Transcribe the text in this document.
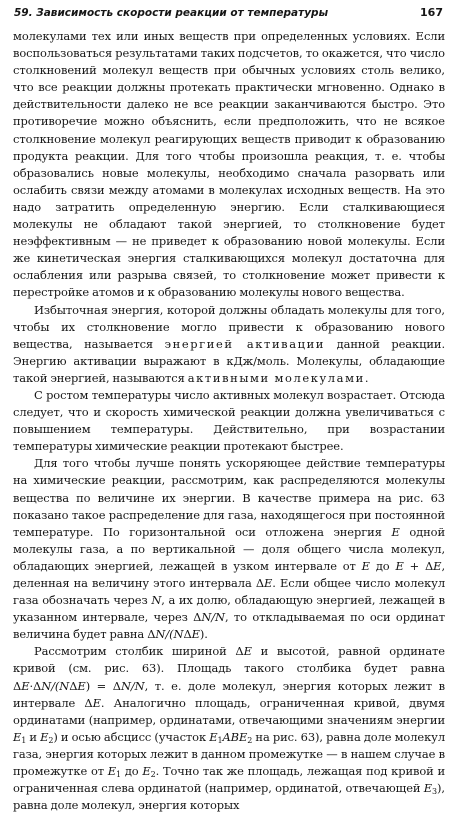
59. Зависимость скорости реакции от температуры	167

молекулами тех или иных веществ при определенных условиях. Если воспользоваться результатами таких подсчетов, то окажется, что число столкновений молекул веществ при обычных условиях столь велико, что все реакции должны протекать практически мгновенно. Однако в действительности далеко не все реакции заканчиваются быстро. Это противоречие можно объяснить, если предположить, что не всякое столкновение молекул реагирующих веществ приводит к образованию продукта реакции. Для того чтобы произошла реакция, т. е. чтобы образовались новые молекулы, необходимо сначала разорвать или ослабить связи между атомами в молекулах исходных веществ. На это надо затратить определенную энергию. Если сталкивающиеся молекулы не обладают такой энергией, то столкновение будет неэффективным — не приведет к образованию новой молекулы. Если же кинетическая энергия сталкивающихся молекул достаточна для ослабления или разрыва связей, то столкновение может привести к перестройке атомов и к образованию молекулы нового вещества.

Избыточная энергия, которой должны обладать молекулы для того, чтобы их столкновение могло привести к образованию нового вещества, называется энергией активации данной реакции. Энергию активации выражают в кДж/моль. Молекулы, обладающие такой энергией, называются активными молекулами.

С ростом температуры число активных молекул возрастает. Отсюда следует, что и скорость химической реакции должна увеличиваться с повышением температуры. Действительно, при возрастании температуры химические реакции протекают быстрее.

Для того чтобы лучше понять ускоряющее действие температуры на химические реакции, рассмотрим, как распределяются молекулы вещества по величине их энергии. В качестве примера на рис. 63 показано такое распределение для газа, находящегося при постоянной температуре. По горизонтальной оси отложена энергия E одной молекулы газа, а по вертикальной — доля общего числа молекул, обладающих энергией, лежащей в узком интервале от E до E + ΔE, деленная на величину этого интервала ΔE. Если общее число молекул газа обозначать через N, а их долю, обладающую энергией, лежащей в указанном интервале, через ΔN/N, то откладываемая по оси ординат величина будет равна ΔN/(NΔE).

Рассмотрим столбик шириной ΔE и высотой, равной ординате кривой (см. рис. 63). Площадь такого столбика будет равна ΔE·ΔN/(NΔE) = ΔN/N, т. е. доле молекул, энергия которых лежит в интервале ΔE. Аналогично площадь, ограниченная кривой, двумя ординатами (например, ординатами, отвечающими значениям энергии $E_1$ и $E_2$) и осью абсцисс (участок $E_1ABE_2$ на рис. 63), равна доле молекул газа, энергия которых лежит в данном промежутке — в нашем случае в промежутке от $E_1$ до $E_2$. Точно так же площадь, лежащая под кривой и ограниченная слева ординатой (например, ординатой, отвечающей $E_3$), равна доле молекул, энергия которых
